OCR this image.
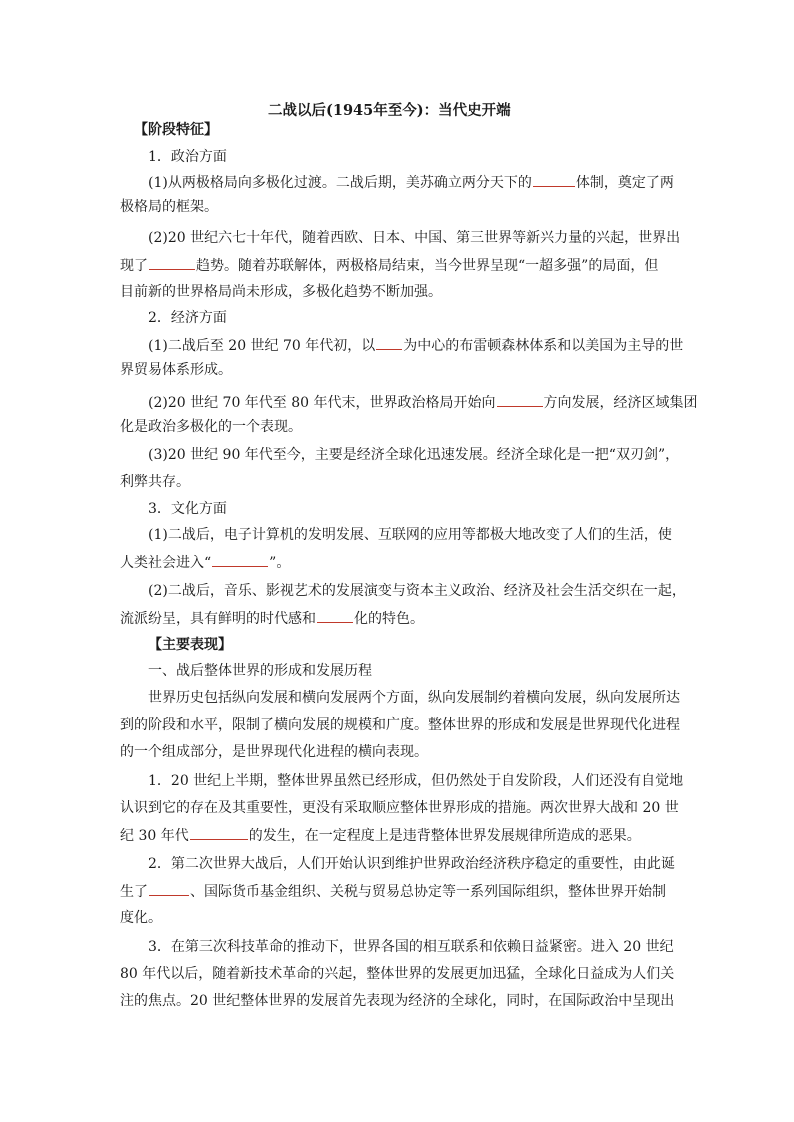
二战以后(1945年至今)：当代史开端
【阶段特征】
1．政治方面
(1)从两极格局向多极化过渡。二战后期，美苏确立两分天下的	体制，奠定了两
极格局的框架。
(2)20 世纪六七十年代，随着西欧、日本、中国、第三世界等新兴力量的兴起，世界出
现了	趋势。随着苏联解体，两极格局结束，当今世界呈现“一超多强”的局面，但
目前新的世界格局尚未形成，多极化趋势不断加强。
2．经济方面
(1)二战后至 20 世纪 70 年代初，以 为中心的布雷顿森林体系和以美国为主导的世
界贸易体系形成。
(2)20 世纪 70 年代至 80 年代末，世界政治格局开始向	方向发展，经济区域集团
化是政治多极化的一个表现。
(3)20 世纪 90 年代至今，主要是经济全球化迅速发展。经济全球化是一把“双刃剑”，
利弊共存。
3．文化方面
(1)二战后，电子计算机的发明发展、互联网的应用等都极大地改变了人们的生活，使
人类社会进入“	”。
(2)二战后，音乐、影视艺术的发展演变与资本主义政治、经济及社会生活交织在一起，
流派纷呈，具有鲜明的时代感和	化的特色。
【主要表现】
一、战后整体世界的形成和发展历程
世界历史包括纵向发展和横向发展两个方面，纵向发展制约着横向发展，纵向发展所达
到的阶段和水平，限制了横向发展的规模和广度。整体世界的形成和发展是世界现代化进程
的一个组成部分，是世界现代化进程的横向表现。
1．20 世纪上半期，整体世界虽然已经形成，但仍然处于自发阶段，人们还没有自觉地
认识到它的存在及其重要性，更没有采取顺应整体世界形成的措施。两次世界大战和 20 世
纪 30 年代	的发生，在一定程度上是违背整体世界发展规律所造成的恶果。
2．第二次世界大战后，人们开始认识到维护世界政治经济秩序稳定的重要性，由此诞
生了	、国际货币基金组织、关税与贸易总协定等一系列国际组织，整体世界开始制
度化。
3．在第三次科技革命的推动下，世界各国的相互联系和依赖日益紧密。进入 20 世纪
80 年代以后，随着新技术革命的兴起，整体世界的发展更加迅猛，全球化日益成为人们关
注的焦点。20 世纪整体世界的发展首先表现为经济的全球化，同时，在国际政治中呈现出
